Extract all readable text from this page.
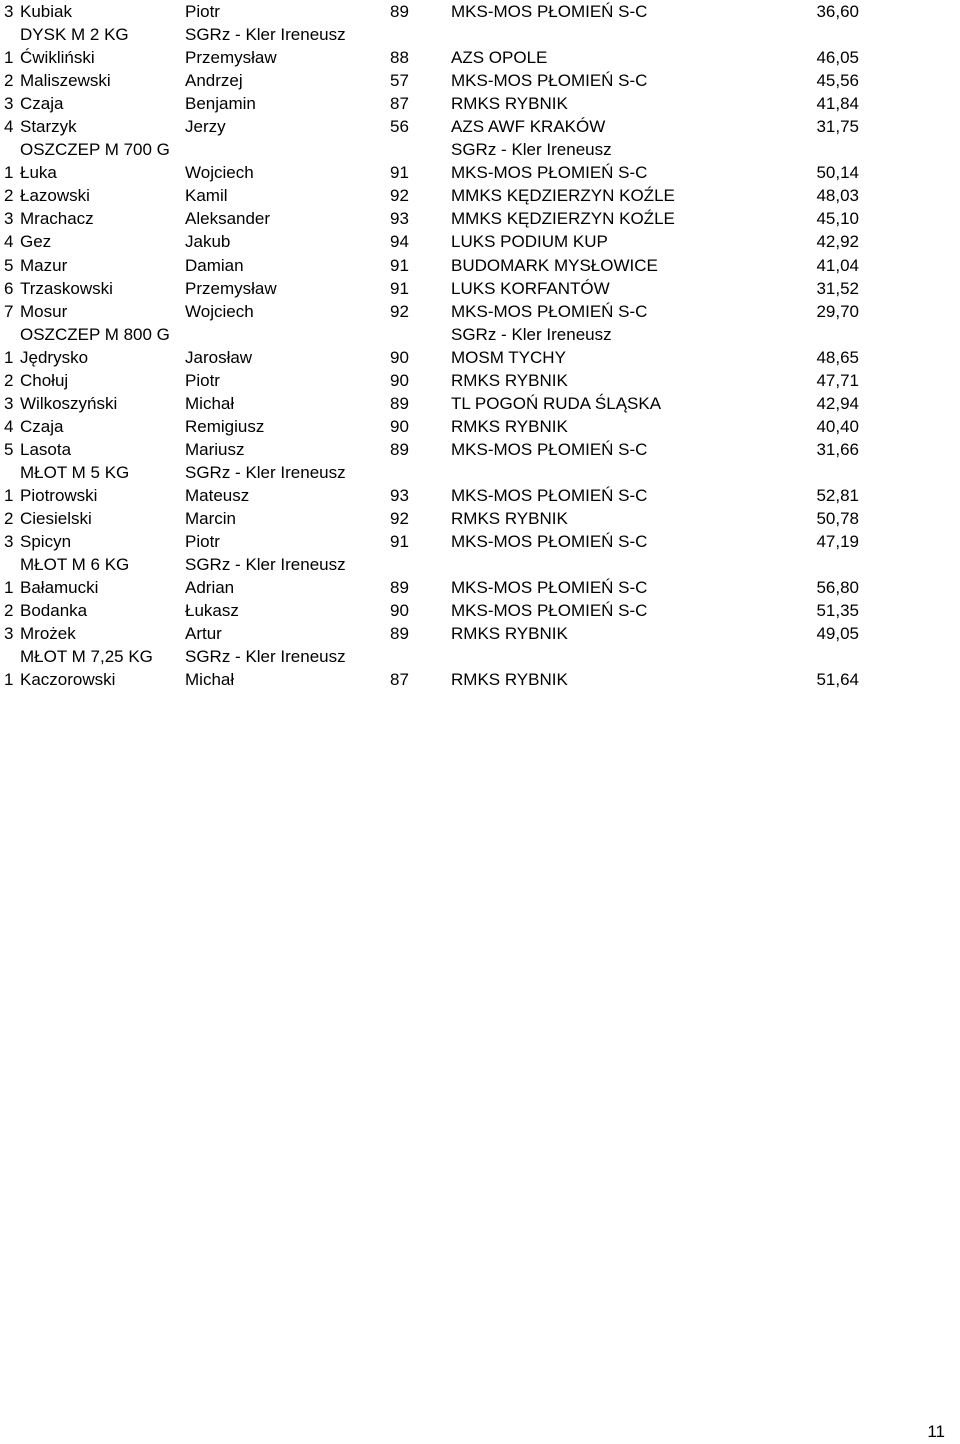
3 Kubiak	Piotr	89 MKS-MOS PŁOMIEŃ S-C	36,60
DYSK M 2 KG	SGRz - Kler Ireneusz
1 Ćwikliński	Przemysław	88 AZS OPOLE	46,05
2 Maliszewski	Andrzej	57 MKS-MOS PŁOMIEŃ S-C	45,56
3 Czaja	Benjamin	87 RMKS RYBNIK	41,84
4 Starzyk	Jerzy	56 AZS AWF KRAKÓW	31,75
OSZCZEP M 700 G	SGRz - Kler Ireneusz
1 Łuka	Wojciech	91 MKS-MOS PŁOMIEŃ S-C	50,14
2 Łazowski	Kamil	92 MMKS KĘDZIERZYN KOŹLE	48,03
3 Mrachacz	Aleksander	93 MMKS KĘDZIERZYN KOŹLE	45,10
4 Gez	Jakub	94 LUKS PODIUM KUP	42,92
5 Mazur	Damian	91 BUDOMARK MYSŁOWICE	41,04
6 Trzaskowski	Przemysław	91 LUKS KORFANTÓW	31,52
7 Mosur	Wojciech	92 MKS-MOS PŁOMIEŃ S-C	29,70
OSZCZEP M 800 G	SGRz - Kler Ireneusz
1 Jędrysko	Jarosław	90 MOSM TYCHY	48,65
2 Chołuj	Piotr	90 RMKS RYBNIK	47,71
3 Wilkoszyński	Michał	89 TL POGOŃ RUDA ŚLĄSKA	42,94
4 Czaja	Remigiusz	90 RMKS RYBNIK	40,40
5 Lasota	Mariusz	89 MKS-MOS PŁOMIEŃ S-C	31,66
MŁOT M 5 KG	SGRz - Kler Ireneusz
1 Piotrowski	Mateusz	93 MKS-MOS PŁOMIEŃ S-C	52,81
2 Ciesielski	Marcin	92 RMKS RYBNIK	50,78
3 Spicyn	Piotr	91 MKS-MOS PŁOMIEŃ S-C	47,19
MŁOT M 6 KG	SGRz - Kler Ireneusz
1 Bałamucki	Adrian	89 MKS-MOS PŁOMIEŃ S-C	56,80
2 Bodanka	Łukasz	90 MKS-MOS PŁOMIEŃ S-C	51,35
3 Mrożek	Artur	89 RMKS RYBNIK	49,05
MŁOT M 7,25 KG SGRz - Kler Ireneusz
1 Kaczorowski	Michał	87 RMKS RYBNIK	51,64
11
